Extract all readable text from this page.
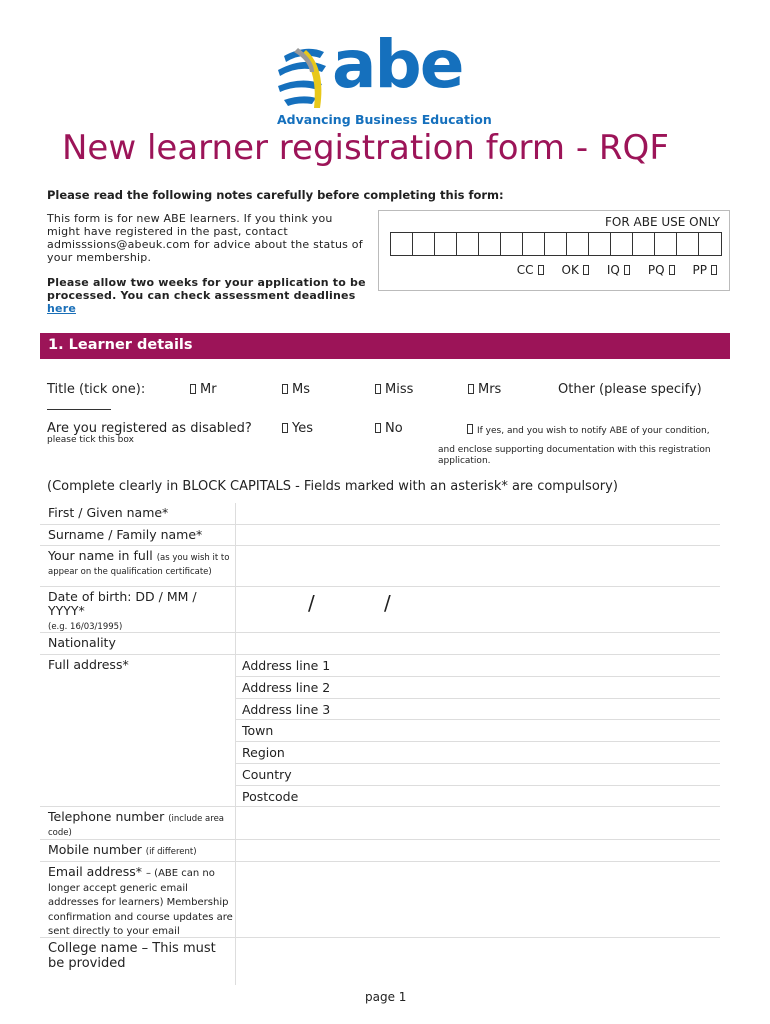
abe
Advancing Business Education
New learner registration form - RQF
Please read the following notes carefully before completing this form:
This form is for new ABE learners. If you think you might have registered in the past, contact admisssions@abeuk.com for advice about the status of your membership.
Please allow two weeks for your application to be processed. You can check assessment deadlines here
FOR ABE USE ONLY
CC	OK	IQ	PQ	PP
1. Learner details
Title (tick one):	Mr	Ms	Miss	Mrs	Other (please specify)
Are you registered as disabled?
please tick this box
Yes	No	If yes, and you wish to notify ABE of your condition,
and enclose supporting documentation with this registration application.
(Complete clearly in BLOCK CAPITALS - Fields marked with an asterisk* are compulsory)
First / Given name*
Surname / Family name*
Your name in full (as you wish it to appear on the qualification certificate)
Date of birth: DD / MM / YYYY*
(e.g. 16/03/1995)
/	/
Nationality
Full address*	Address line 1
Address line 2
Address line 3
Town
Region
Country
Postcode
Telephone number (include area code)
Mobile number (if different)
Email address* – (ABE can no longer accept generic email addresses for learners) Membership confirmation and course updates are sent directly to your email
College name – This must be provided
page 1
